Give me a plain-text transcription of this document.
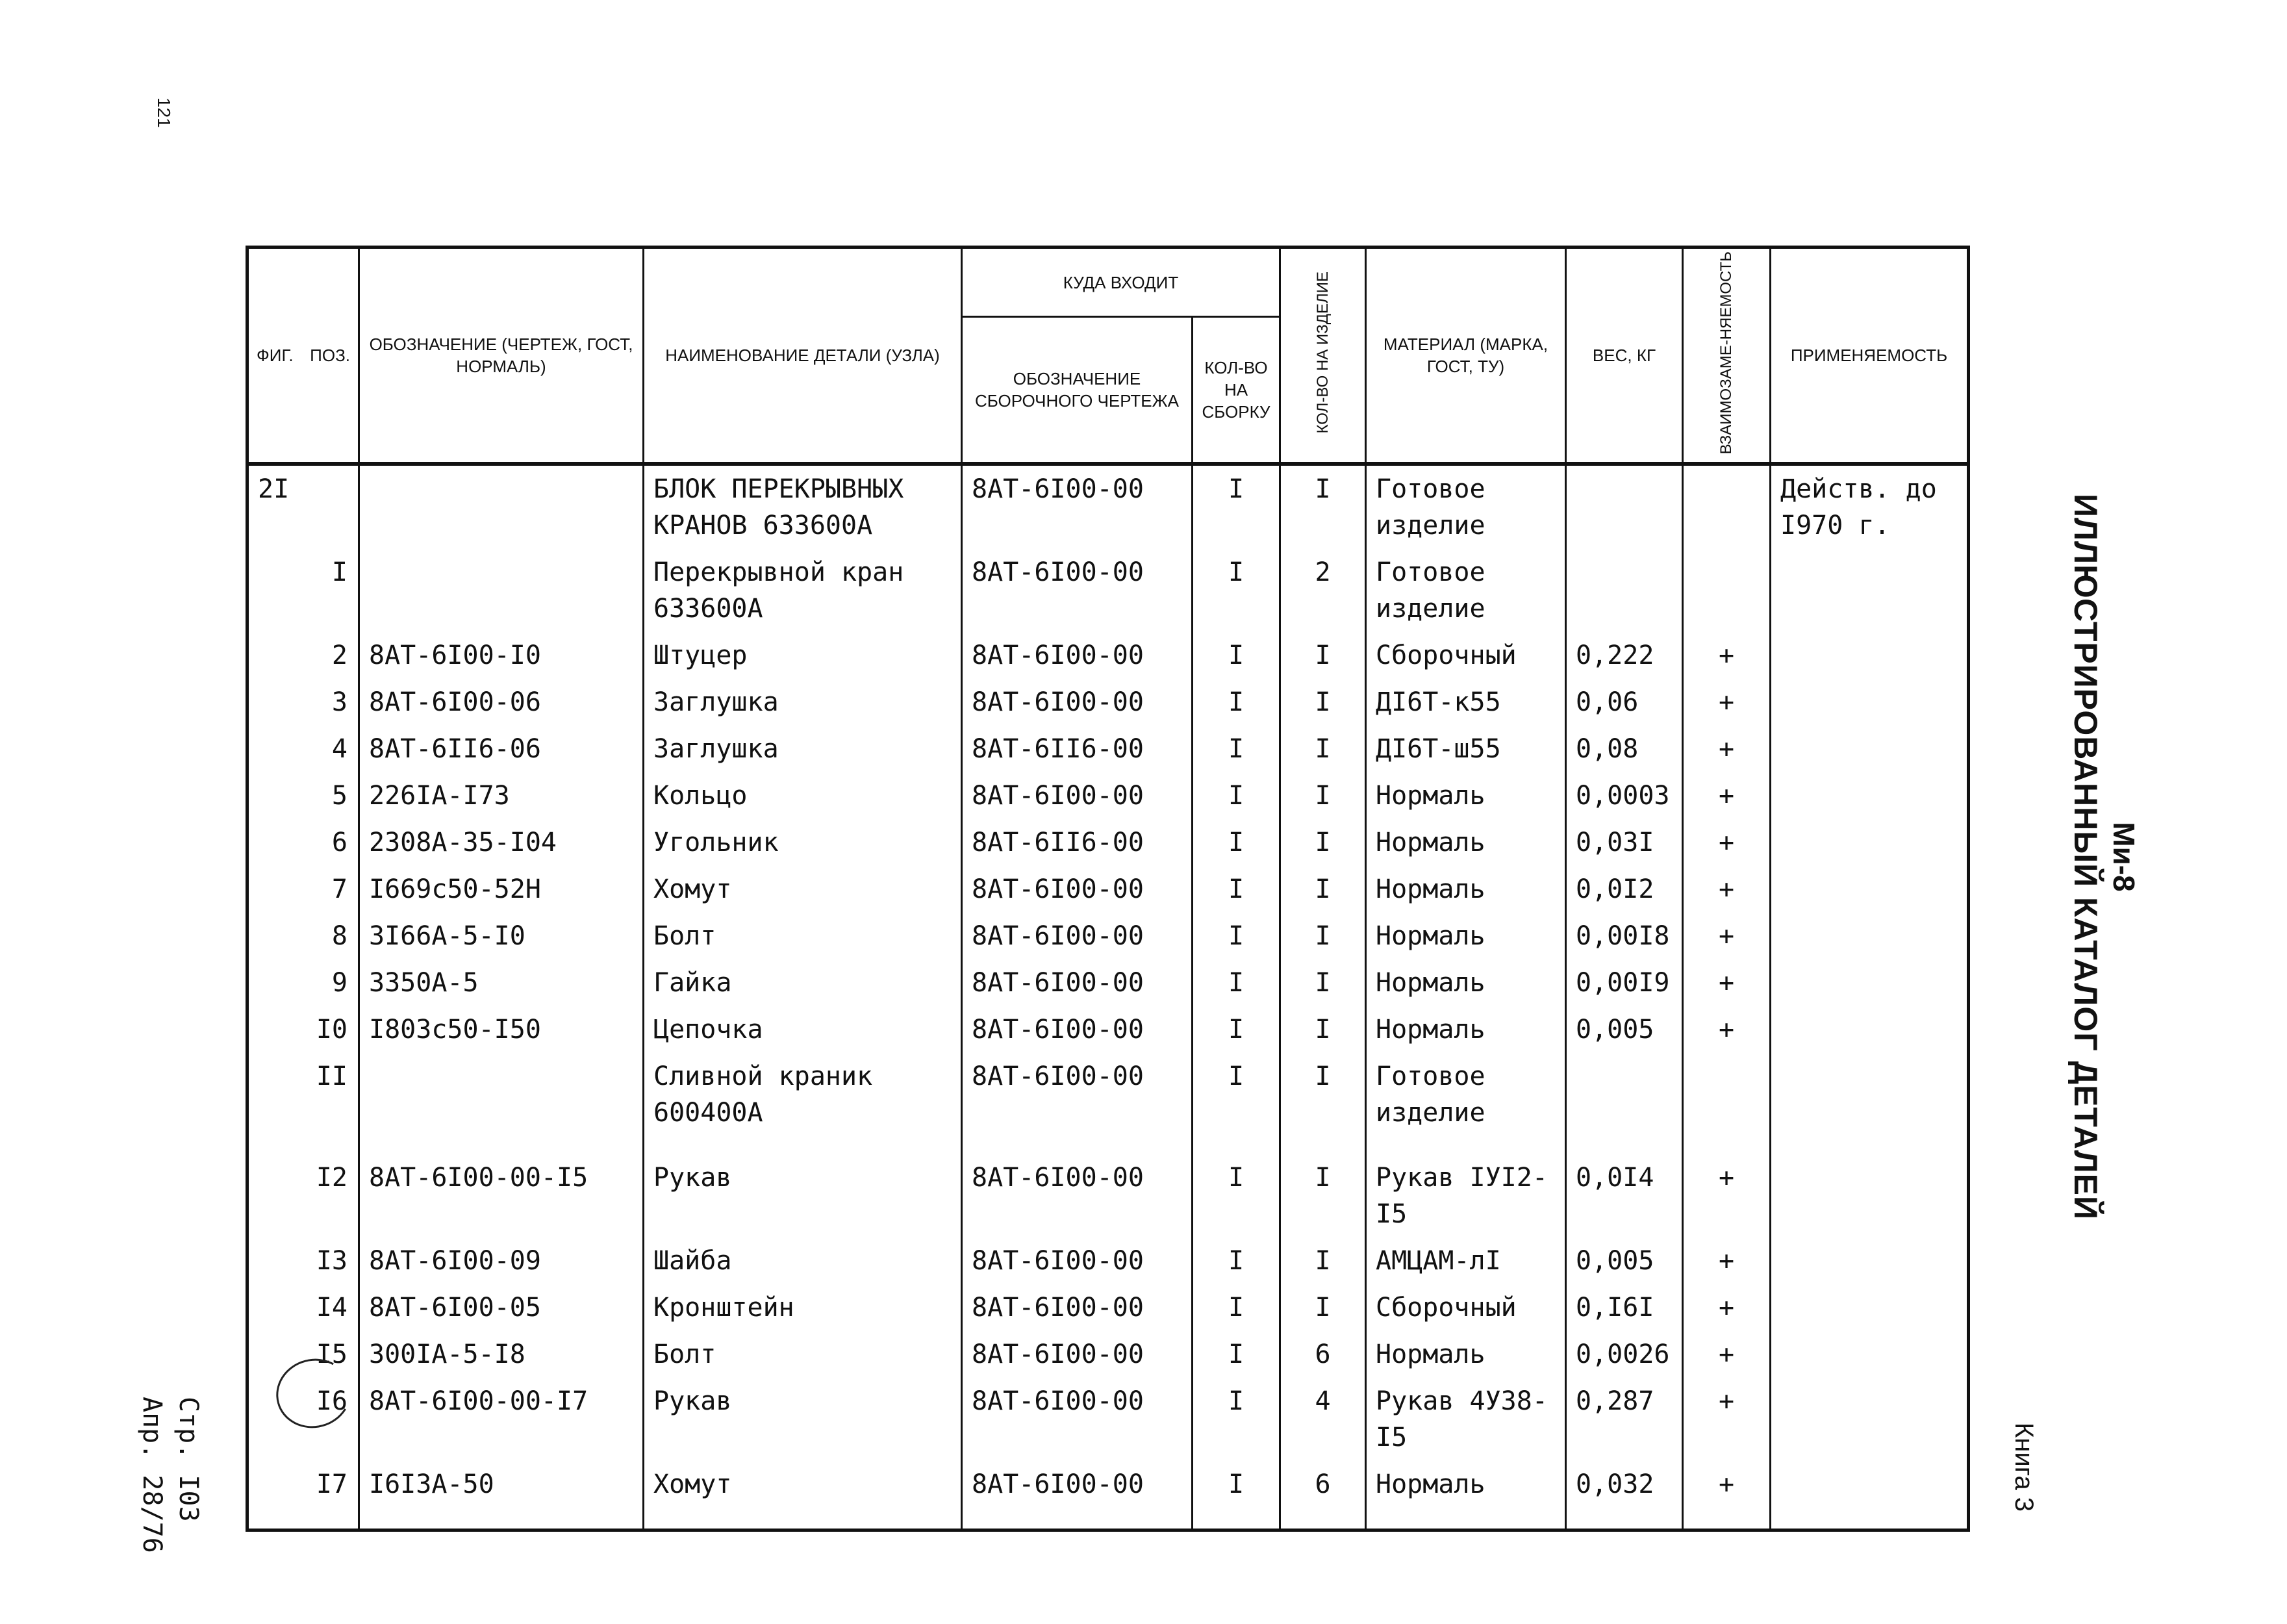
121
Стр. I03
Апр. 28/76
Ми-8
ИЛЛЮСТРИРОВАННЫЙ КАТАЛОГ ДЕТАЛЕЙ
Книга 3
ФИГ. ПОЗ.	ОБОЗНАЧЕНИЕ (ЧЕРТЕЖ, ГОСТ, НОРМАЛЬ)	НАИМЕНОВАНИЕ ДЕТАЛИ (УЗЛА)	КУДА ВХОДИТ		КОЛ-ВО НА ИЗДЕЛИЕ	МАТЕРИАЛ (МАРКА, ГОСТ, ТУ)	ВЕС, КГ	ВЗАИМОЗАМЕ-НЯЕМОСТЬ	ПРИМЕНЯЕМОСТЬ
			ОБОЗНАЧЕНИЕ СБОРОЧНОГО ЧЕРТЕЖА	КОЛ-ВО НА СБОРКУ					
2I		БЛОК ПЕРЕКРЫВНЫХ КРАНОВ 633600А	8АТ-6I00-00	I	I	Готовое изделие			Действ. до I970 г.

I		Перекрывной кран 633600А	8АТ-6I00-00	I	2	Готовое изделие			

2	8АТ-6I00-I0	Штуцер	8АТ-6I00-00	I	I	Сборочный	0,222	+	

3	8АТ-6I00-06	Заглушка	8АТ-6I00-00	I	I	ДI6Т-к55	0,06	+	

4	8АТ-6II6-06	Заглушка	8АТ-6II6-00	I	I	ДI6Т-ш55	0,08	+	

5	226IА-I73	Кольцо	8АТ-6I00-00	I	I	Нормаль	0,0003	+	

6	2308А-35-I04	Угольник	8АТ-6II6-00	I	I	Нормаль	0,03I	+	

7	I669с50-52Н	Хомут	8АТ-6I00-00	I	I	Нормаль	0,0I2	+	

8	3I66А-5-I0	Болт	8АТ-6I00-00	I	I	Нормаль	0,00I8	+	

9	3350А-5	Гайка	8АТ-6I00-00	I	I	Нормаль	0,00I9	+	

I0	I803с50-I50	Цепочка	8АТ-6I00-00	I	I	Нормаль	0,005	+	

II		Сливной краник 600400А	8АТ-6I00-00	I	I	Готовое изделие			

I2	8АТ-6I00-00-I5	Рукав	8АТ-6I00-00	I	I	Рукав IУI2-I5	0,0I4	+	

I3	8АТ-6I00-09	Шайба	8АТ-6I00-00	I	I	АМЦАМ-лI	0,005	+	

I4	8АТ-6I00-05	Кронштейн	8АТ-6I00-00	I	I	Сборочный	0,I6I	+	

I5	300IА-5-I8	Болт	8АТ-6I00-00	I	6	Нормаль	0,0026	+	

I6	8АТ-6I00-00-I7	Рукав	8АТ-6I00-00	I	4	Рукав 4У38-I5	0,287	+	

I7	I6I3А-50	Хомут	8АТ-6I00-00	I	6	Нормаль	0,032	+	
